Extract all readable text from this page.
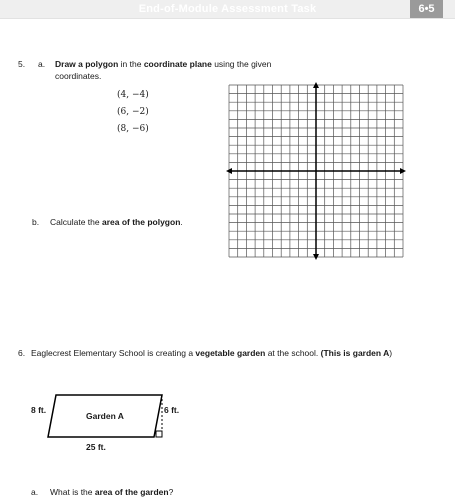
End-of-Module Assessment Task	6•5
5. a. Draw a polygon in the coordinate plane using the given
coordinates.
(4, −4)
(6, −2)
(8, −6)
b. Calculate the area of the polygon.
6. Eaglecrest Elementary School is creating a vegetable garden at the school. (This is garden A)
8 ft.
Garden A
6 ft.
25 ft.
a. What is the area of the garden?
